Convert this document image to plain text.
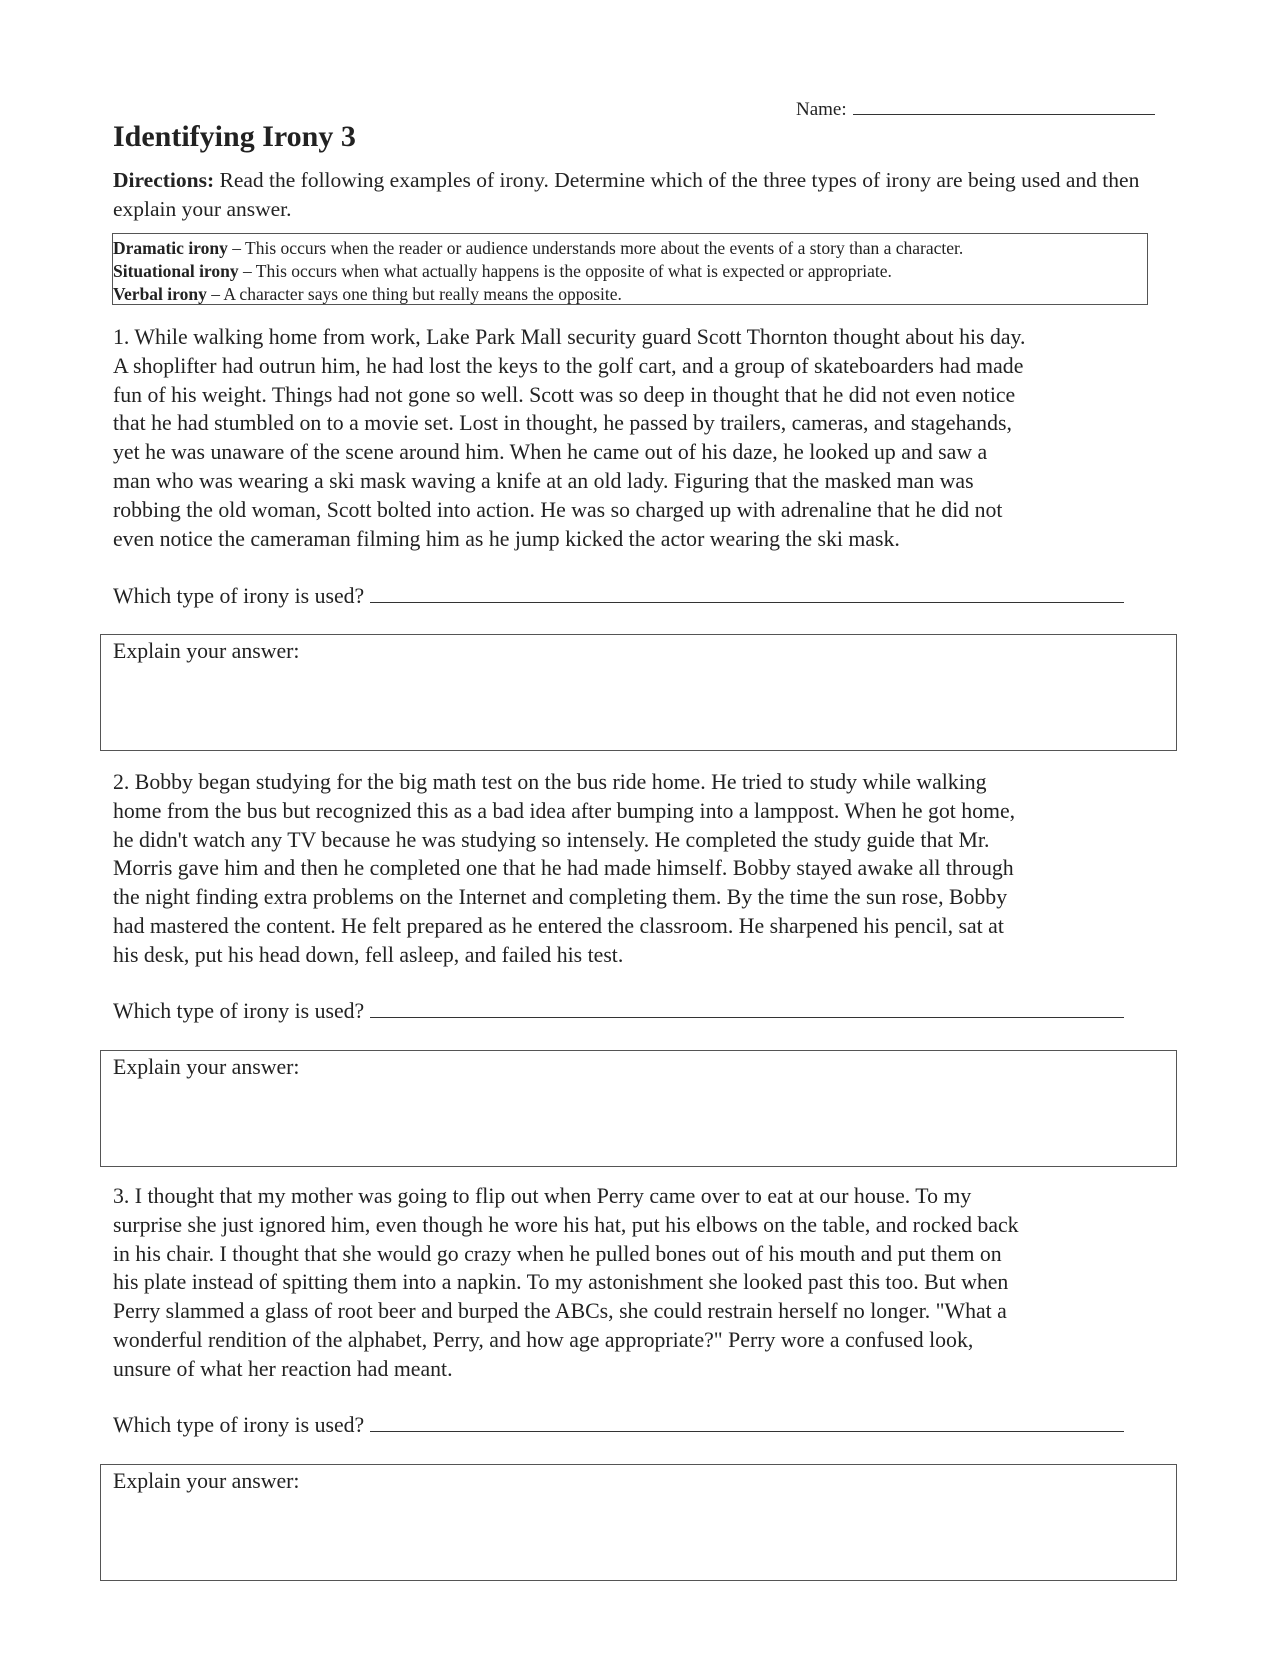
Name:
Identifying Irony 3
Directions: Read the following examples of irony. Determine which of the three types of irony are being used and then explain your answer.
Dramatic irony – This occurs when the reader or audience understands more about the events of a story than a character.
Situational irony – This occurs when what actually happens is the opposite of what is expected or appropriate.
Verbal irony – A character says one thing but really means the opposite.
1. While walking home from work, Lake Park Mall security guard Scott Thornton thought about his day.
A shoplifter had outrun him, he had lost the keys to the golf cart, and a group of skateboarders had made
fun of his weight. Things had not gone so well. Scott was so deep in thought that he did not even notice
that he had stumbled on to a movie set. Lost in thought, he passed by trailers, cameras, and stagehands,
yet he was unaware of the scene around him. When he came out of his daze, he looked up and saw a
man who was wearing a ski mask waving a knife at an old lady. Figuring that the masked man was
robbing the old woman, Scott bolted into action. He was so charged up with adrenaline that he did not
even notice the cameraman filming him as he jump kicked the actor wearing the ski mask.
Which type of irony is used?
Explain your answer:
2. Bobby began studying for the big math test on the bus ride home. He tried to study while walking
home from the bus but recognized this as a bad idea after bumping into a lamppost. When he got home,
he didn't watch any TV because he was studying so intensely. He completed the study guide that Mr.
Morris gave him and then he completed one that he had made himself. Bobby stayed awake all through
the night finding extra problems on the Internet and completing them. By the time the sun rose, Bobby
had mastered the content. He felt prepared as he entered the classroom. He sharpened his pencil, sat at
his desk, put his head down, fell asleep, and failed his test.
Which type of irony is used?
Explain your answer:
3. I thought that my mother was going to flip out when Perry came over to eat at our house. To my
surprise she just ignored him, even though he wore his hat, put his elbows on the table, and rocked back
in his chair. I thought that she would go crazy when he pulled bones out of his mouth and put them on
his plate instead of spitting them into a napkin. To my astonishment she looked past this too. But when
Perry slammed a glass of root beer and burped the ABCs, she could restrain herself no longer. "What a
wonderful rendition of the alphabet, Perry, and how age appropriate?" Perry wore a confused look,
unsure of what her reaction had meant.
Which type of irony is used?
Explain your answer:
